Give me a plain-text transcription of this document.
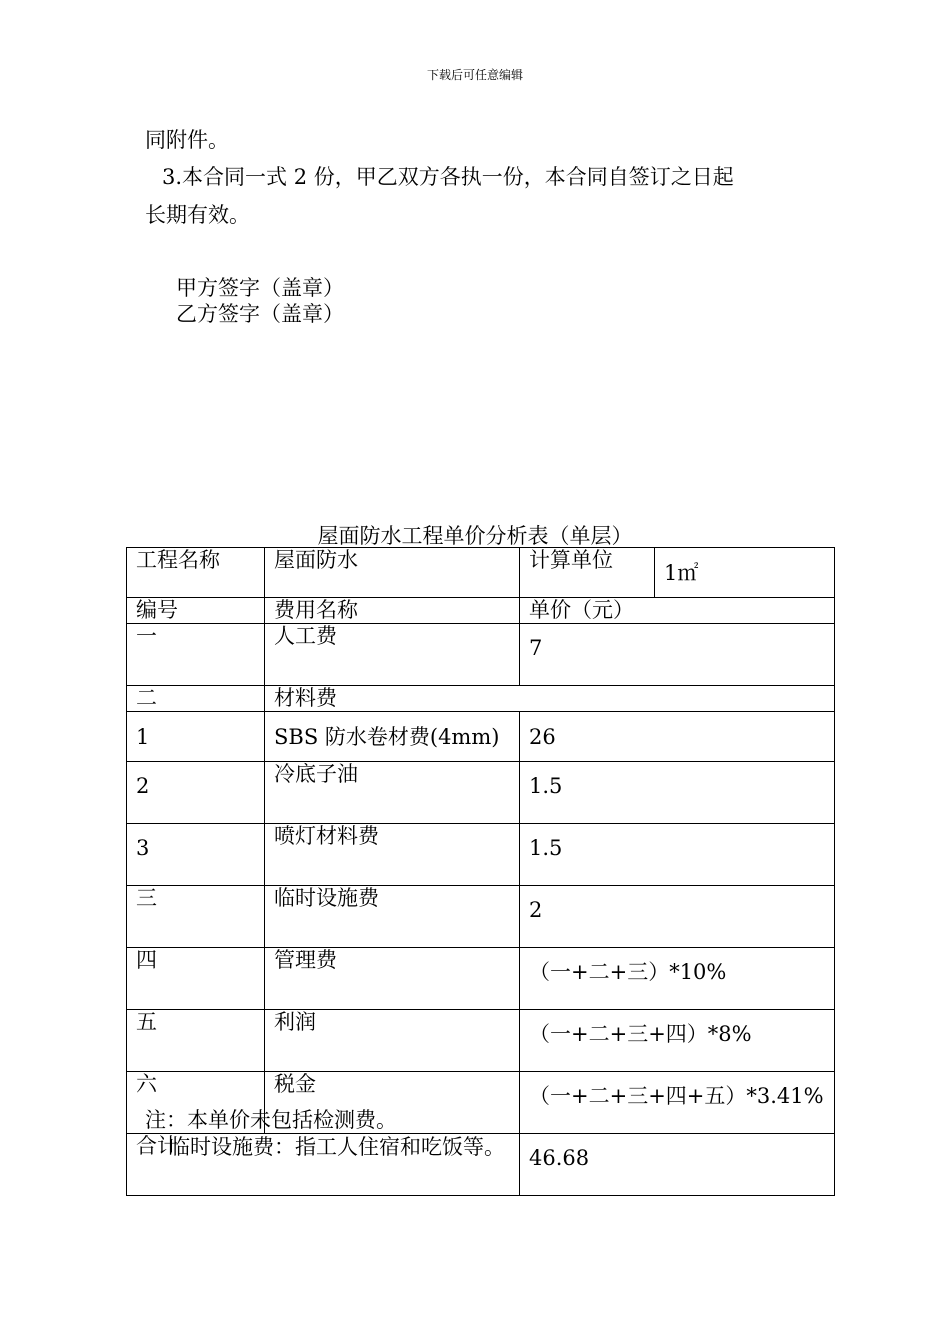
下载后可任意编辑
同附件。
3.本合同一式 2 份，甲乙双方各执一份，本合同自签订之日起
长期有效。
甲方签字（盖章）
乙方签字（盖章）
屋面防水工程单价分析表（单层）
工程名称	屋面防水	计算单位	1㎡
编号	费用名称	单价（元）	
一	人工费	7	
二	材料费		
1	SBS 防水卷材费(4mm)	26	
2	冷底子油	1.5	
3	喷灯材料费	1.5	
三	临时设施费	2	
四	管理费	（一+二+三）*10%	
五	利润	（一+二+三+四）*8%	
六	税金	（一+二+三+四+五）*3.41%	
合计		46.68	
注：本单价未包括检测费。
临时设施费：指工人住宿和吃饭等。
